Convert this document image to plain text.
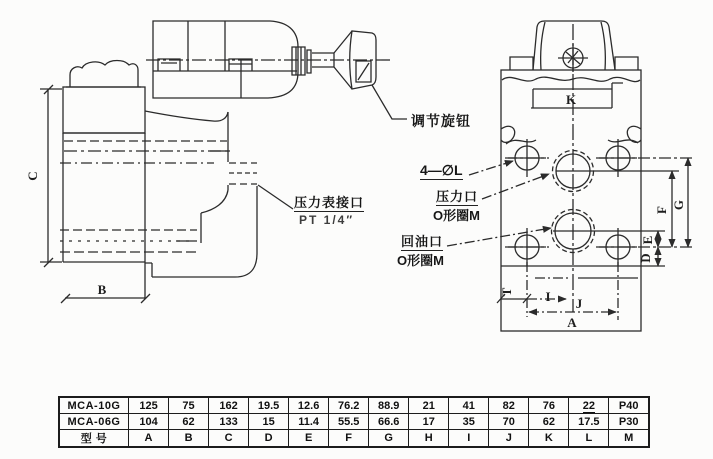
C
B
G
F
E
D
K
T I J
A
调节旋钮
4—∅L
压力口
O形圈M
回油口
O形圈M
压力表接口
PT 1/4″
MCA-10G	125	75	162	19.5	12.6	76.2	88.9	21	41	82	76	22	P40
MCA-06G	104	62	133	15	11.4	55.5	66.6	17	35	70	62	17.5	P30
型 号	A	B	C	D	E	F	G	H	I	J	K	L	M
